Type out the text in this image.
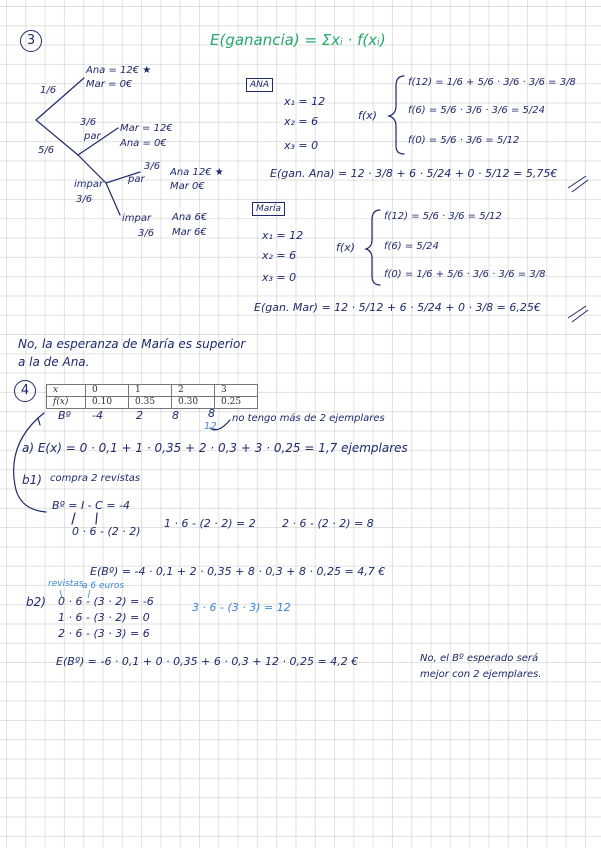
3	E(ganancia) = Σxᵢ · f(xᵢ)
Ana = 12€ ★
Mar = 0€
1/6
5/6
3/6
par
Mar = 12€
Ana = 0€
impar
3/6
3/6
par
Ana 12€ ★
Mar 0€
impar
3/6
Ana 6€
Mar 6€
ANA
x₁ = 12
x₂ = 6
x₃ = 0
f(x)
f(12) = 1/6 + 5/6 · 3/6 · 3/6 = 3/8
f(6) = 5/6 · 3/6 · 3/6 = 5/24
f(0) = 5/6 · 3/6 = 5/12
E(gan. Ana) = 12 · 3/8 + 6 · 5/24 + 0 · 5/12 = 5,75€
María
x₁ = 12
x₂ = 6
x₃ = 0
f(x)
f(12) = 5/6 · 3/6 = 5/12
f(6) = 5/24
f(0) = 1/6 + 5/6 · 3/6 · 3/6 = 3/8
E(gan. Mar) = 12 · 5/12 + 6 · 5/24 + 0 · 3/8 = 6,25€
No, la esperanza de María es superior
a la de Ana.
4	x	0	1	2	3
f(x)	0.10	0.35	0.30	0.25
Bº -4	2	8	8
12
no tengo más de 2 ejemplares
a) E(x) = 0 · 0,1 + 1 · 0,35 + 2 · 0,3 + 3 · 0,25 = 1,7 ejemplares
b1) compra 2 revistas
Bº = I - C = -4
0 · 6 - (2 · 2)
1 · 6 - (2 · 2) = 2 2 · 6 - (2 · 2) = 8
E(Bº) = -4 · 0,1 + 2 · 0,35 + 8 · 0,3 + 8 · 0,25 = 4,7 €
revistas
a 6 euros
b2) 0 · 6 - (3 · 2) = -6
1 · 6 - (3 · 2) = 0
2 · 6 - (3 · 3) = 6
3 · 6 - (3 · 3) = 12
E(Bº) = -6 · 0,1 + 0 · 0,35 + 6 · 0,3 + 12 · 0,25 = 4,2 €	No, el Bº esperado será
mejor con 2 ejemplares.
